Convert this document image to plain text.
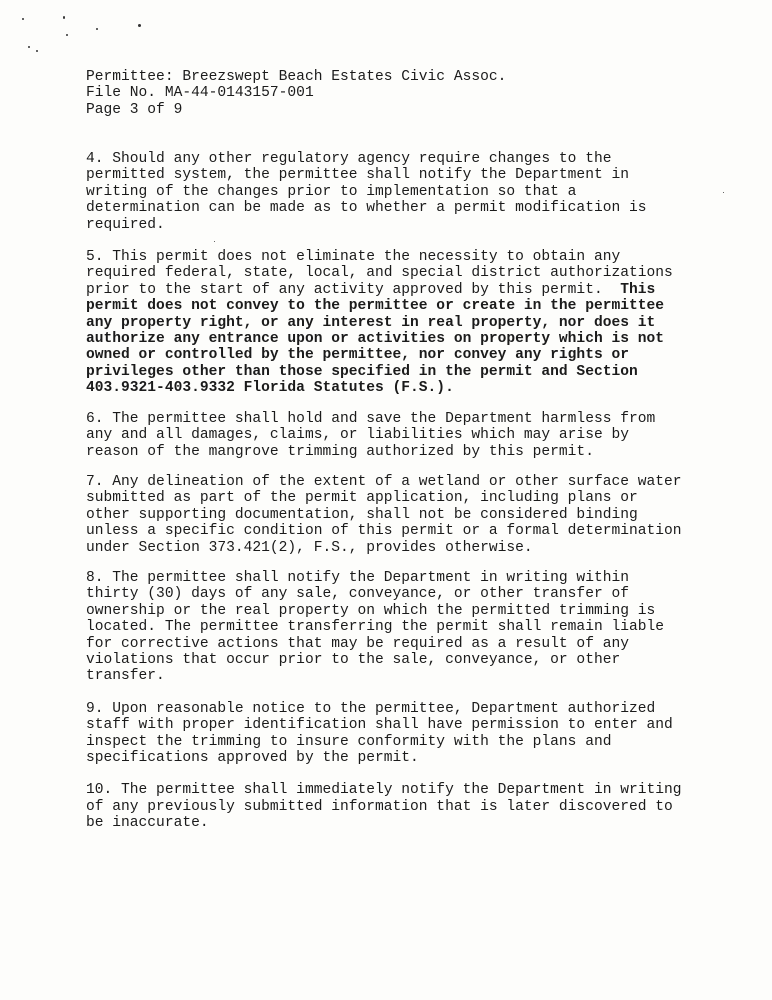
Permittee: Breezswept Beach Estates Civic Assoc.
File No. MA-44-0143157-001
Page 3 of 9

4. Should any other regulatory agency require changes to the permitted system, the permittee shall notify the Department in writing of the changes prior to implementation so that a determination can be made as to whether a permit modification is required.

5. This permit does not eliminate the necessity to obtain any required federal, state, local, and special district authorizations prior to the start of any activity approved by this permit. This permit does not convey to the permittee or create in the permittee any property right, or any interest in real property, nor does it authorize any entrance upon or activities on property which is not owned or controlled by the permittee, nor convey any rights or privileges other than those specified in the permit and Section 403.9321-403.9332 Florida Statutes (F.S.).

6. The permittee shall hold and save the Department harmless from any and all damages, claims, or liabilities which may arise by reason of the mangrove trimming authorized by this permit.

7. Any delineation of the extent of a wetland or other surface water submitted as part of the permit application, including plans or other supporting documentation, shall not be considered binding unless a specific condition of this permit or a formal determination under Section 373.421(2), F.S., provides otherwise.

8. The permittee shall notify the Department in writing within thirty (30) days of any sale, conveyance, or other transfer of ownership or the real property on which the permitted trimming is located. The permittee transferring the permit shall remain liable for corrective actions that may be required as a result of any violations that occur prior to the sale, conveyance, or other transfer.

9. Upon reasonable notice to the permittee, Department authorized staff with proper identification shall have permission to enter and inspect the trimming to insure conformity with the plans and specifications approved by the permit.

10. The permittee shall immediately notify the Department in writing of any previously submitted information that is later discovered to be inaccurate.
